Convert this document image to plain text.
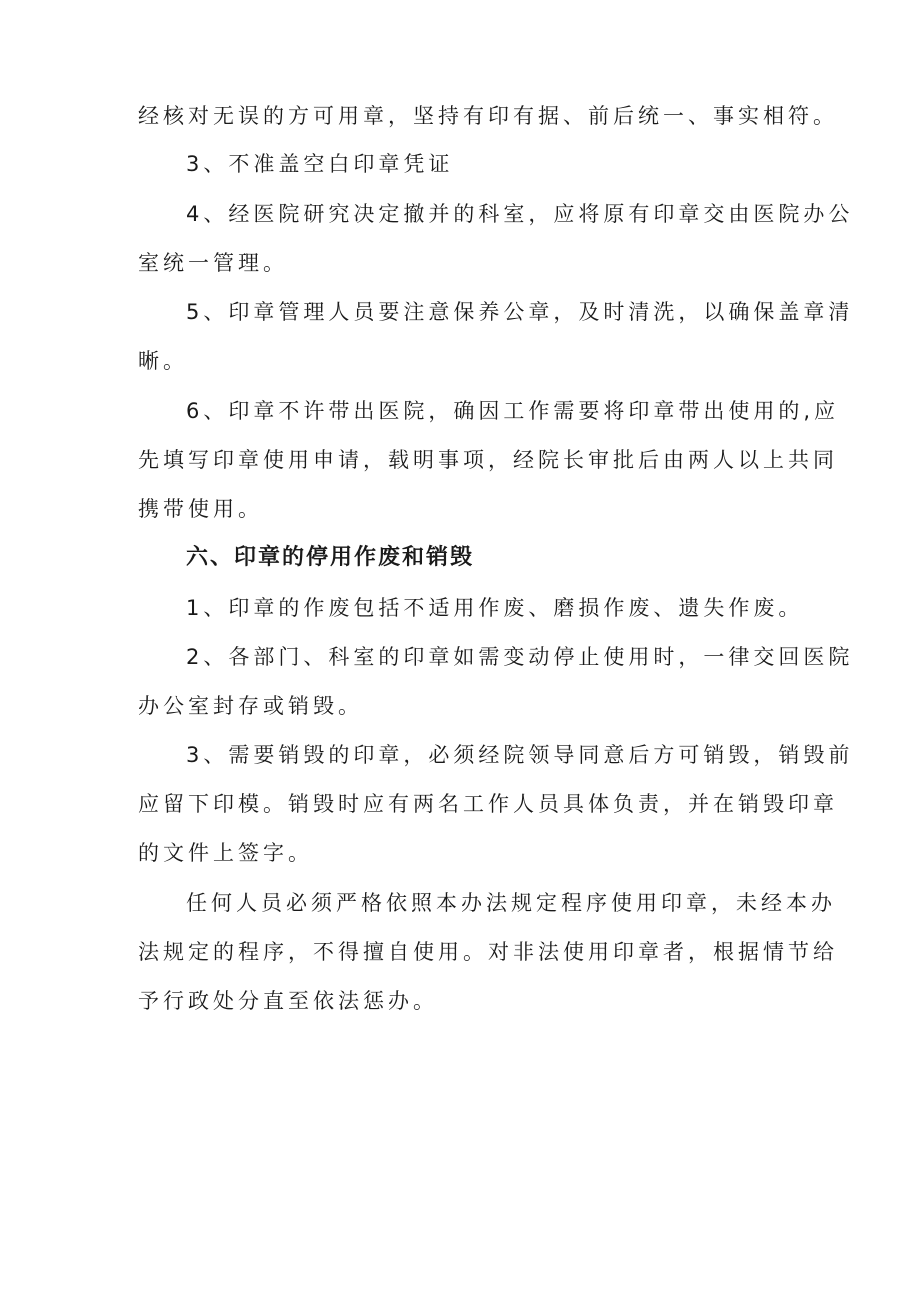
经核对无误的方可用章，坚持有印有据、前后统一、事实相符。
3、不准盖空白印章凭证
4、经医院研究决定撤并的科室，应将原有印章交由医院办公
室统一管理。
5、印章管理人员要注意保养公章，及时清洗，以确保盖章清
晰。
6、印章不许带出医院，确因工作需要将印章带出使用的,应
先填写印章使用申请，载明事项，经院长审批后由两人以上共同
携带使用。
六、印章的停用作废和销毁
1、印章的作废包括不适用作废、磨损作废、遗失作废。
2、各部门、科室的印章如需变动停止使用时，一律交回医院
办公室封存或销毁。
3、需要销毁的印章，必须经院领导同意后方可销毁，销毁前
应留下印模。销毁时应有两名工作人员具体负责，并在销毁印章
的文件上签字。
任何人员必须严格依照本办法规定程序使用印章，未经本办
法规定的程序，不得擅自使用。对非法使用印章者，根据情节给
予行政处分直至依法惩办。
